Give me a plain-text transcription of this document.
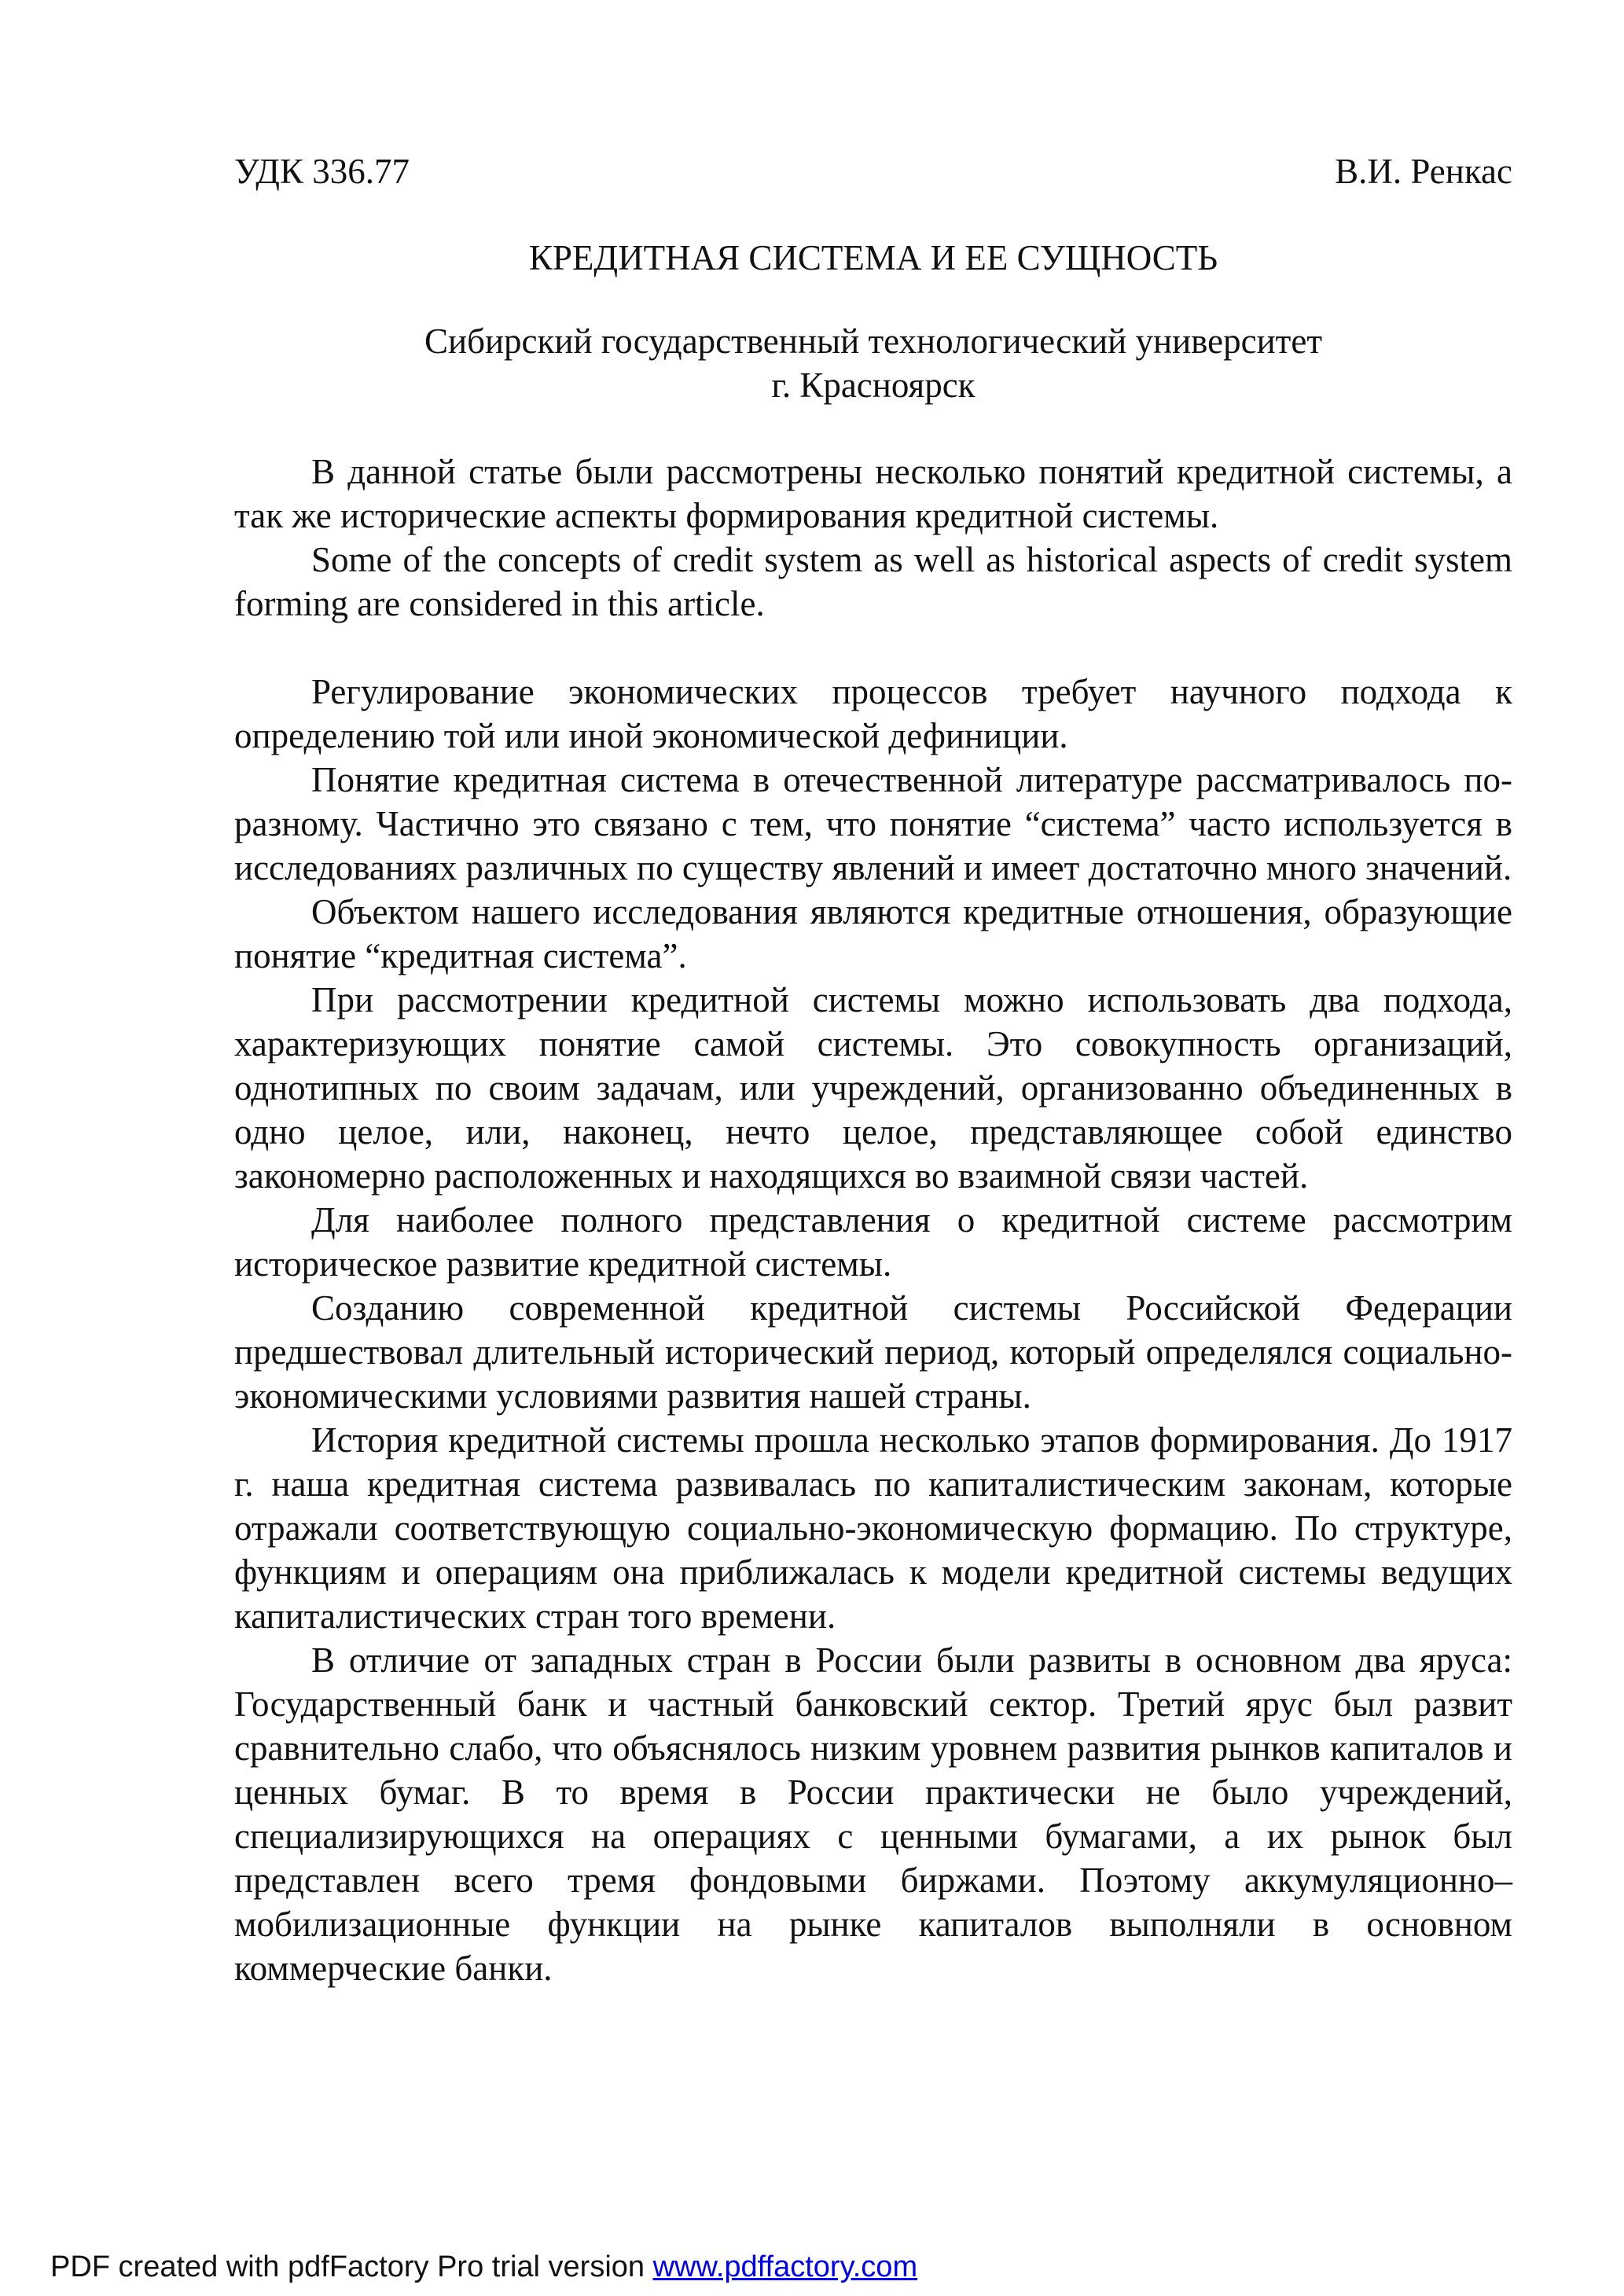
УДК 336.77	В.И. Ренкас
КРЕДИТНАЯ СИСТЕМА И ЕЕ СУЩНОСТЬ
Сибирский государственный технологический университет
г. Красноярск

В данной статье были рассмотрены несколько понятий кредитной системы, а так же исторические аспекты формирования кредитной системы.

Some of the concepts of credit system as well as historical aspects of credit system forming are considered in this article.

Регулирование экономических процессов требует научного подхода к определению той или иной экономической дефиниции.

Понятие кредитная система в отечественной литературе рассматривалось по-разному. Частично это связано с тем, что понятие “система” часто используется в исследованиях различных по существу явлений и имеет достаточно много значений.

Объектом нашего исследования являются кредитные отношения, образующие понятие “кредитная система”.

При рассмотрении кредитной системы можно использовать два подхода, характеризующих понятие самой системы. Это совокупность организаций, однотипных по своим задачам, или учреждений, организованно объединенных в одно целое, или, наконец, нечто целое, представляющее собой единство закономерно расположенных и находящихся во взаимной связи частей.

Для наиболее полного представления о кредитной системе рассмотрим историческое развитие кредитной системы.

Созданию современной кредитной системы Российской Федерации предшествовал длительный исторический период, который определялся социально-экономическими условиями развития нашей страны.

История кредитной системы прошла несколько этапов формирования. До 1917 г. наша кредитная система развивалась по капиталистическим законам, которые отражали соответствующую социально-экономическую формацию. По структуре, функциям и операциям она приближалась к модели кредитной системы ведущих капиталистических стран того времени.

В отличие от западных стран в России были развиты в основном два яруса: Государственный банк и частный банковский сектор. Третий ярус был развит сравнительно слабо, что объяснялось низким уровнем развития рынков капиталов и ценных бумаг. В то время в России практически не было учреждений, специализирующихся на операциях с ценными бумагами, а их рынок был представлен всего тремя фондовыми биржами. Поэтому аккумуляционно–мобилизационные функции на рынке капиталов выполняли в основном коммерческие банки.

PDF created with pdfFactory Pro trial version www.pdffactory.com
